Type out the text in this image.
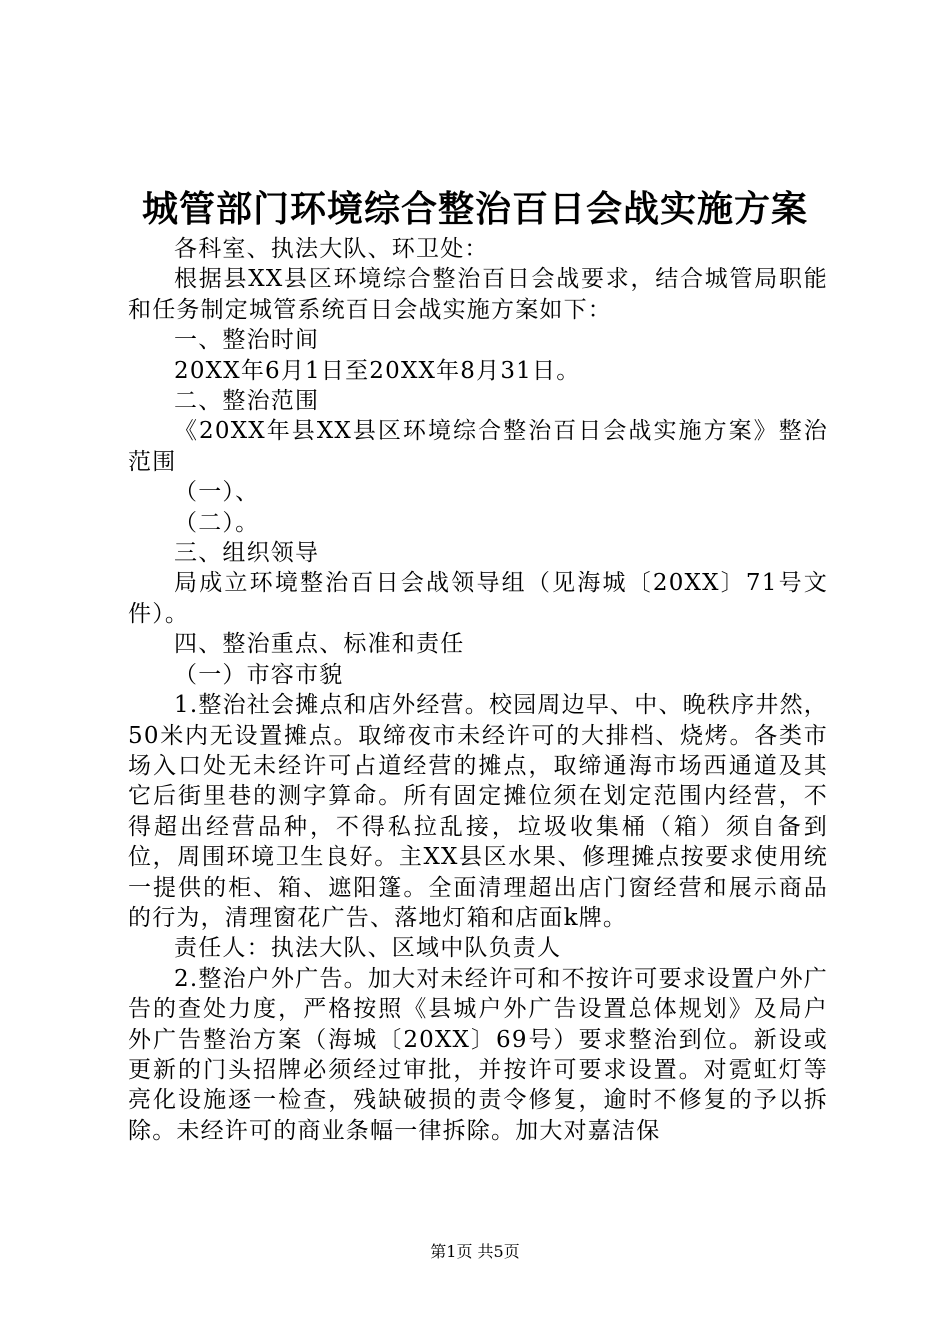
城管部门环境综合整治百日会战实施方案

各科室、执法大队、环卫处：

根据县XX县区环境综合整治百日会战要求，结合城管局职能和任务制定城管系统百日会战实施方案如下：

一、整治时间

20XX年6月1日至20XX年8月31日。

二、整治范围

《20XX年县XX县区环境综合整治百日会战实施方案》整治范围

（一）、

（二）。

三、组织领导

局成立环境整治百日会战领导组（见海城〔20XX〕71号文件）。

四、整治重点、标准和责任

（一）市容市貌

1.整治社会摊点和店外经营。校园周边早、中、晚秩序井然，50米内无设置摊点。取缔夜市未经许可的大排档、烧烤。各类市场入口处无未经许可占道经营的摊点，取缔通海市场西通道及其它后街里巷的测字算命。所有固定摊位须在划定范围内经营，不得超出经营品种，不得私拉乱接，垃圾收集桶（箱）须自备到位，周围环境卫生良好。主XX县区水果、修理摊点按要求使用统一提供的柜、箱、遮阳篷。全面清理超出店门窗经营和展示商品的行为，清理窗花广告、落地灯箱和店面k牌。

责任人：执法大队、区域中队负责人

2.整治户外广告。加大对未经许可和不按许可要求设置户外广告的查处力度，严格按照《县城户外广告设置总体规划》及局户外广告整治方案（海城〔20XX〕69号）要求整治到位。新设或更新的门头招牌必须经过审批，并按许可要求设置。对霓虹灯等亮化设施逐一检查，残缺破损的责令修复，逾时不修复的予以拆除。未经许可的商业条幅一律拆除。加大对嘉洁保

第1页 共5页
